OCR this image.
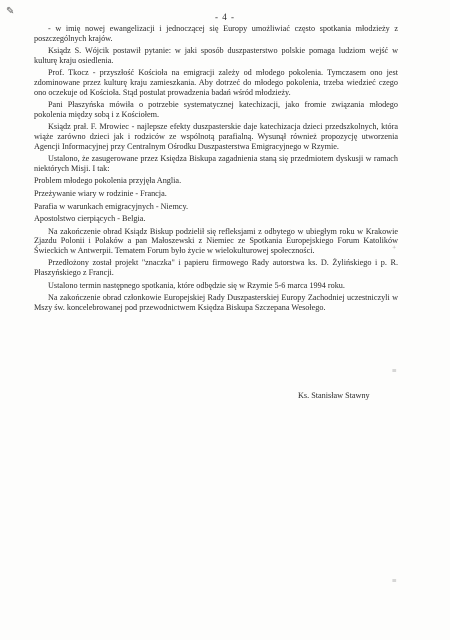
✎	- 4 -

- w imię nowej ewangelizacji i jednoczącej się Europy umożliwiać często spotkania młodzieży z poszczególnych krajów.

Ksiądz S. Wójcik postawił pytanie: w jaki sposób duszpasterstwo polskie pomaga ludziom wejść w kulturę kraju osiedlenia.

Prof. Tkocz - przyszłość Kościoła na emigracji zależy od młodego pokolenia. Tymczasem ono jest zdominowane przez kulturę kraju zamieszkania. Aby dotrzeć do młodego pokolenia, trzeba wiedzieć czego ono oczekuje od Kościoła. Stąd postulat prowadzenia badań wśród młodzieży.

Pani Płaszyńska mówiła o potrzebie systematycznej katechizacji, jako fromie związania młodego pokolenia między sobą i z Kościołem.

Ksiądz prał. F. Mrowiec - najlepsze efekty duszpasterskie daje katechizacja dzieci przedszkolnych, która wiąże zarówno dzieci jak i rodziców ze wspólnotą parafialną. Wysunął również propozycję utworzenia Agencji Informacyjnej przy Centralnym Ośrodku Duszpasterstwa Emigracyjnego w Rzymie.

Ustalono, że zasugerowane przez Księdza Biskupa zagadnienia staną się przedmiotem dyskusji w ramach niektórych Misji. I tak:

Problem młodego pokolenia przyjęła Anglia.

Przeżywanie wiary w rodzinie - Francja.

Parafia w warunkach emigracyjnych - Niemcy.

Apostolstwo cierpiących - Belgia.

Na zakończenie obrad Ksiądz Biskup podzielił się refleksjami z odbytego w ubiegłym roku w Krakowie Zjazdu Polonii i Polaków a pan Małoszewski z Niemiec ze Spotkania Europejskiego Forum Katolików Świeckich w Antwerpii. Tematem Forum było życie w wielokulturowej społeczności.

Przedłożony został projekt "znaczka" i papieru firmowego Rady autorstwa ks. D. Żylińskiego i p. R. Płaszyńskiego z Francji.

Ustalono termin następnego spotkania, które odbędzie się w Rzymie 5-6 marca 1994 roku.

Na zakończenie obrad członkowie Europejskiej Rady Duszpasterskiej Europy Zachodniej uczestniczyli w Mszy św. koncelebrowanej pod przewodnictwem Księdza Biskupa Szczepana Wesołego.

Ks. Stanisław Stawny
⁺
≡
≡
